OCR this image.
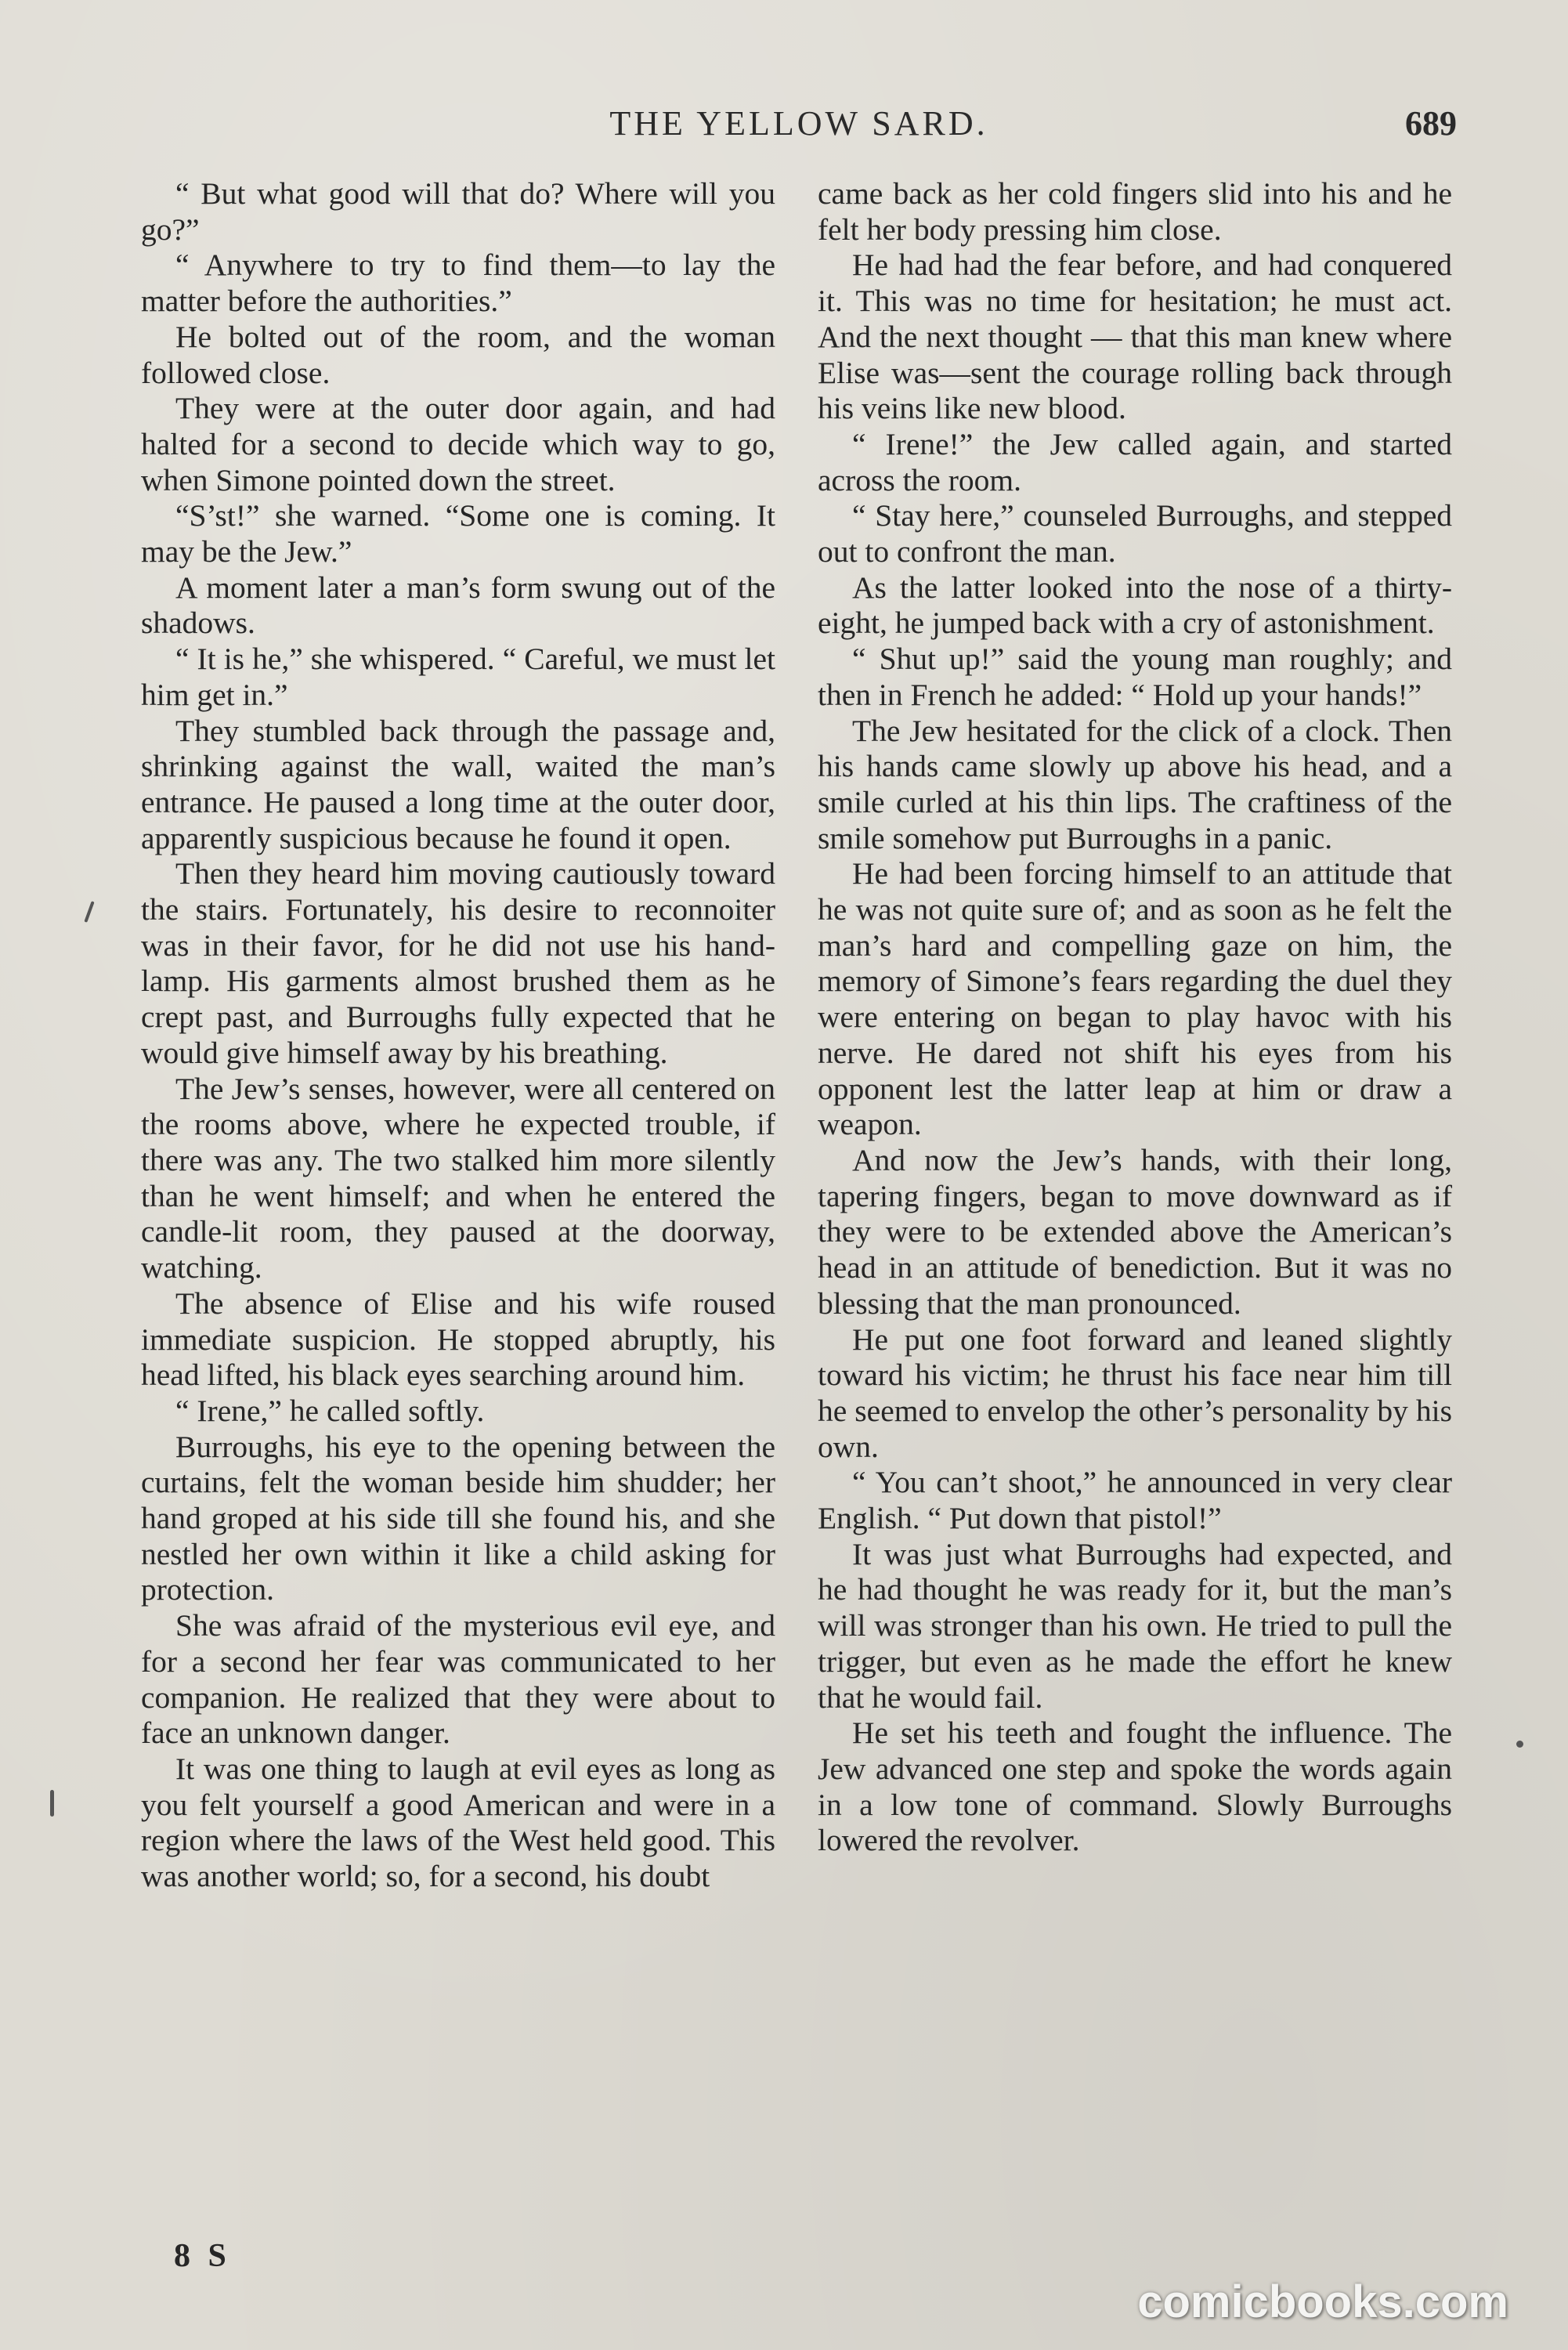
THE YELLOW SARD.	689

“ But what good will that do? Where will you go?”

“ Anywhere to try to find them—to lay the matter before the authorities.”

He bolted out of the room, and the woman followed close.

They were at the outer door again, and had halted for a second to decide which way to go, when Simone pointed down the street.

“S’st!” she warned. “Some one is coming. It may be the Jew.”

A moment later a man’s form swung out of the shadows.

“ It is he,” she whispered. “ Careful, we must let him get in.”

They stumbled back through the passage and, shrinking against the wall, waited the man’s entrance. He paused a long time at the outer door, apparently suspicious because he found it open.

Then they heard him moving cautiously toward the stairs. Fortunately, his desire to reconnoiter was in their favor, for he did not use his hand-lamp. His garments almost brushed them as he crept past, and Burroughs fully expected that he would give himself away by his breathing.

The Jew’s senses, however, were all centered on the rooms above, where he expected trouble, if there was any. The two stalked him more silently than he went himself; and when he entered the candle-lit room, they paused at the doorway, watching.

The absence of Elise and his wife roused immediate suspicion. He stopped abruptly, his head lifted, his black eyes searching around him.

“ Irene,” he called softly.

Burroughs, his eye to the opening between the curtains, felt the woman beside him shudder; her hand groped at his side till she found his, and she nestled her own within it like a child asking for protection.

She was afraid of the mysterious evil eye, and for a second her fear was communicated to her companion. He realized that they were about to face an unknown danger.

It was one thing to laugh at evil eyes as long as you felt yourself a good American and were in a region where the laws of the West held good. This was another world; so, for a second, his doubt

came back as her cold fingers slid into his and he felt her body pressing him close.

He had had the fear before, and had conquered it. This was no time for hesitation; he must act. And the next thought — that this man knew where Elise was—sent the courage rolling back through his veins like new blood.

“ Irene!” the Jew called again, and started across the room.

“ Stay here,” counseled Burroughs, and stepped out to confront the man.

As the latter looked into the nose of a thirty-eight, he jumped back with a cry of astonishment.

“ Shut up!” said the young man roughly; and then in French he added: “ Hold up your hands!”

The Jew hesitated for the click of a clock. Then his hands came slowly up above his head, and a smile curled at his thin lips. The craftiness of the smile somehow put Burroughs in a panic.

He had been forcing himself to an attitude that he was not quite sure of; and as soon as he felt the man’s hard and compelling gaze on him, the memory of Simone’s fears regarding the duel they were entering on began to play havoc with his nerve. He dared not shift his eyes from his opponent lest the latter leap at him or draw a weapon.

And now the Jew’s hands, with their long, tapering fingers, began to move downward as if they were to be extended above the American’s head in an attitude of benediction. But it was no blessing that the man pronounced.

He put one foot forward and leaned slightly toward his victim; he thrust his face near him till he seemed to envelop the other’s personality by his own.

“ You can’t shoot,” he announced in very clear English. “ Put down that pistol!”

It was just what Burroughs had expected, and he had thought he was ready for it, but the man’s will was stronger than his own. He tried to pull the trigger, but even as he made the effort he knew that he would fail.

He set his teeth and fought the influence. The Jew advanced one step and spoke the words again in a low tone of command. Slowly Burroughs lowered the revolver.

8 S
comicbooks.com
